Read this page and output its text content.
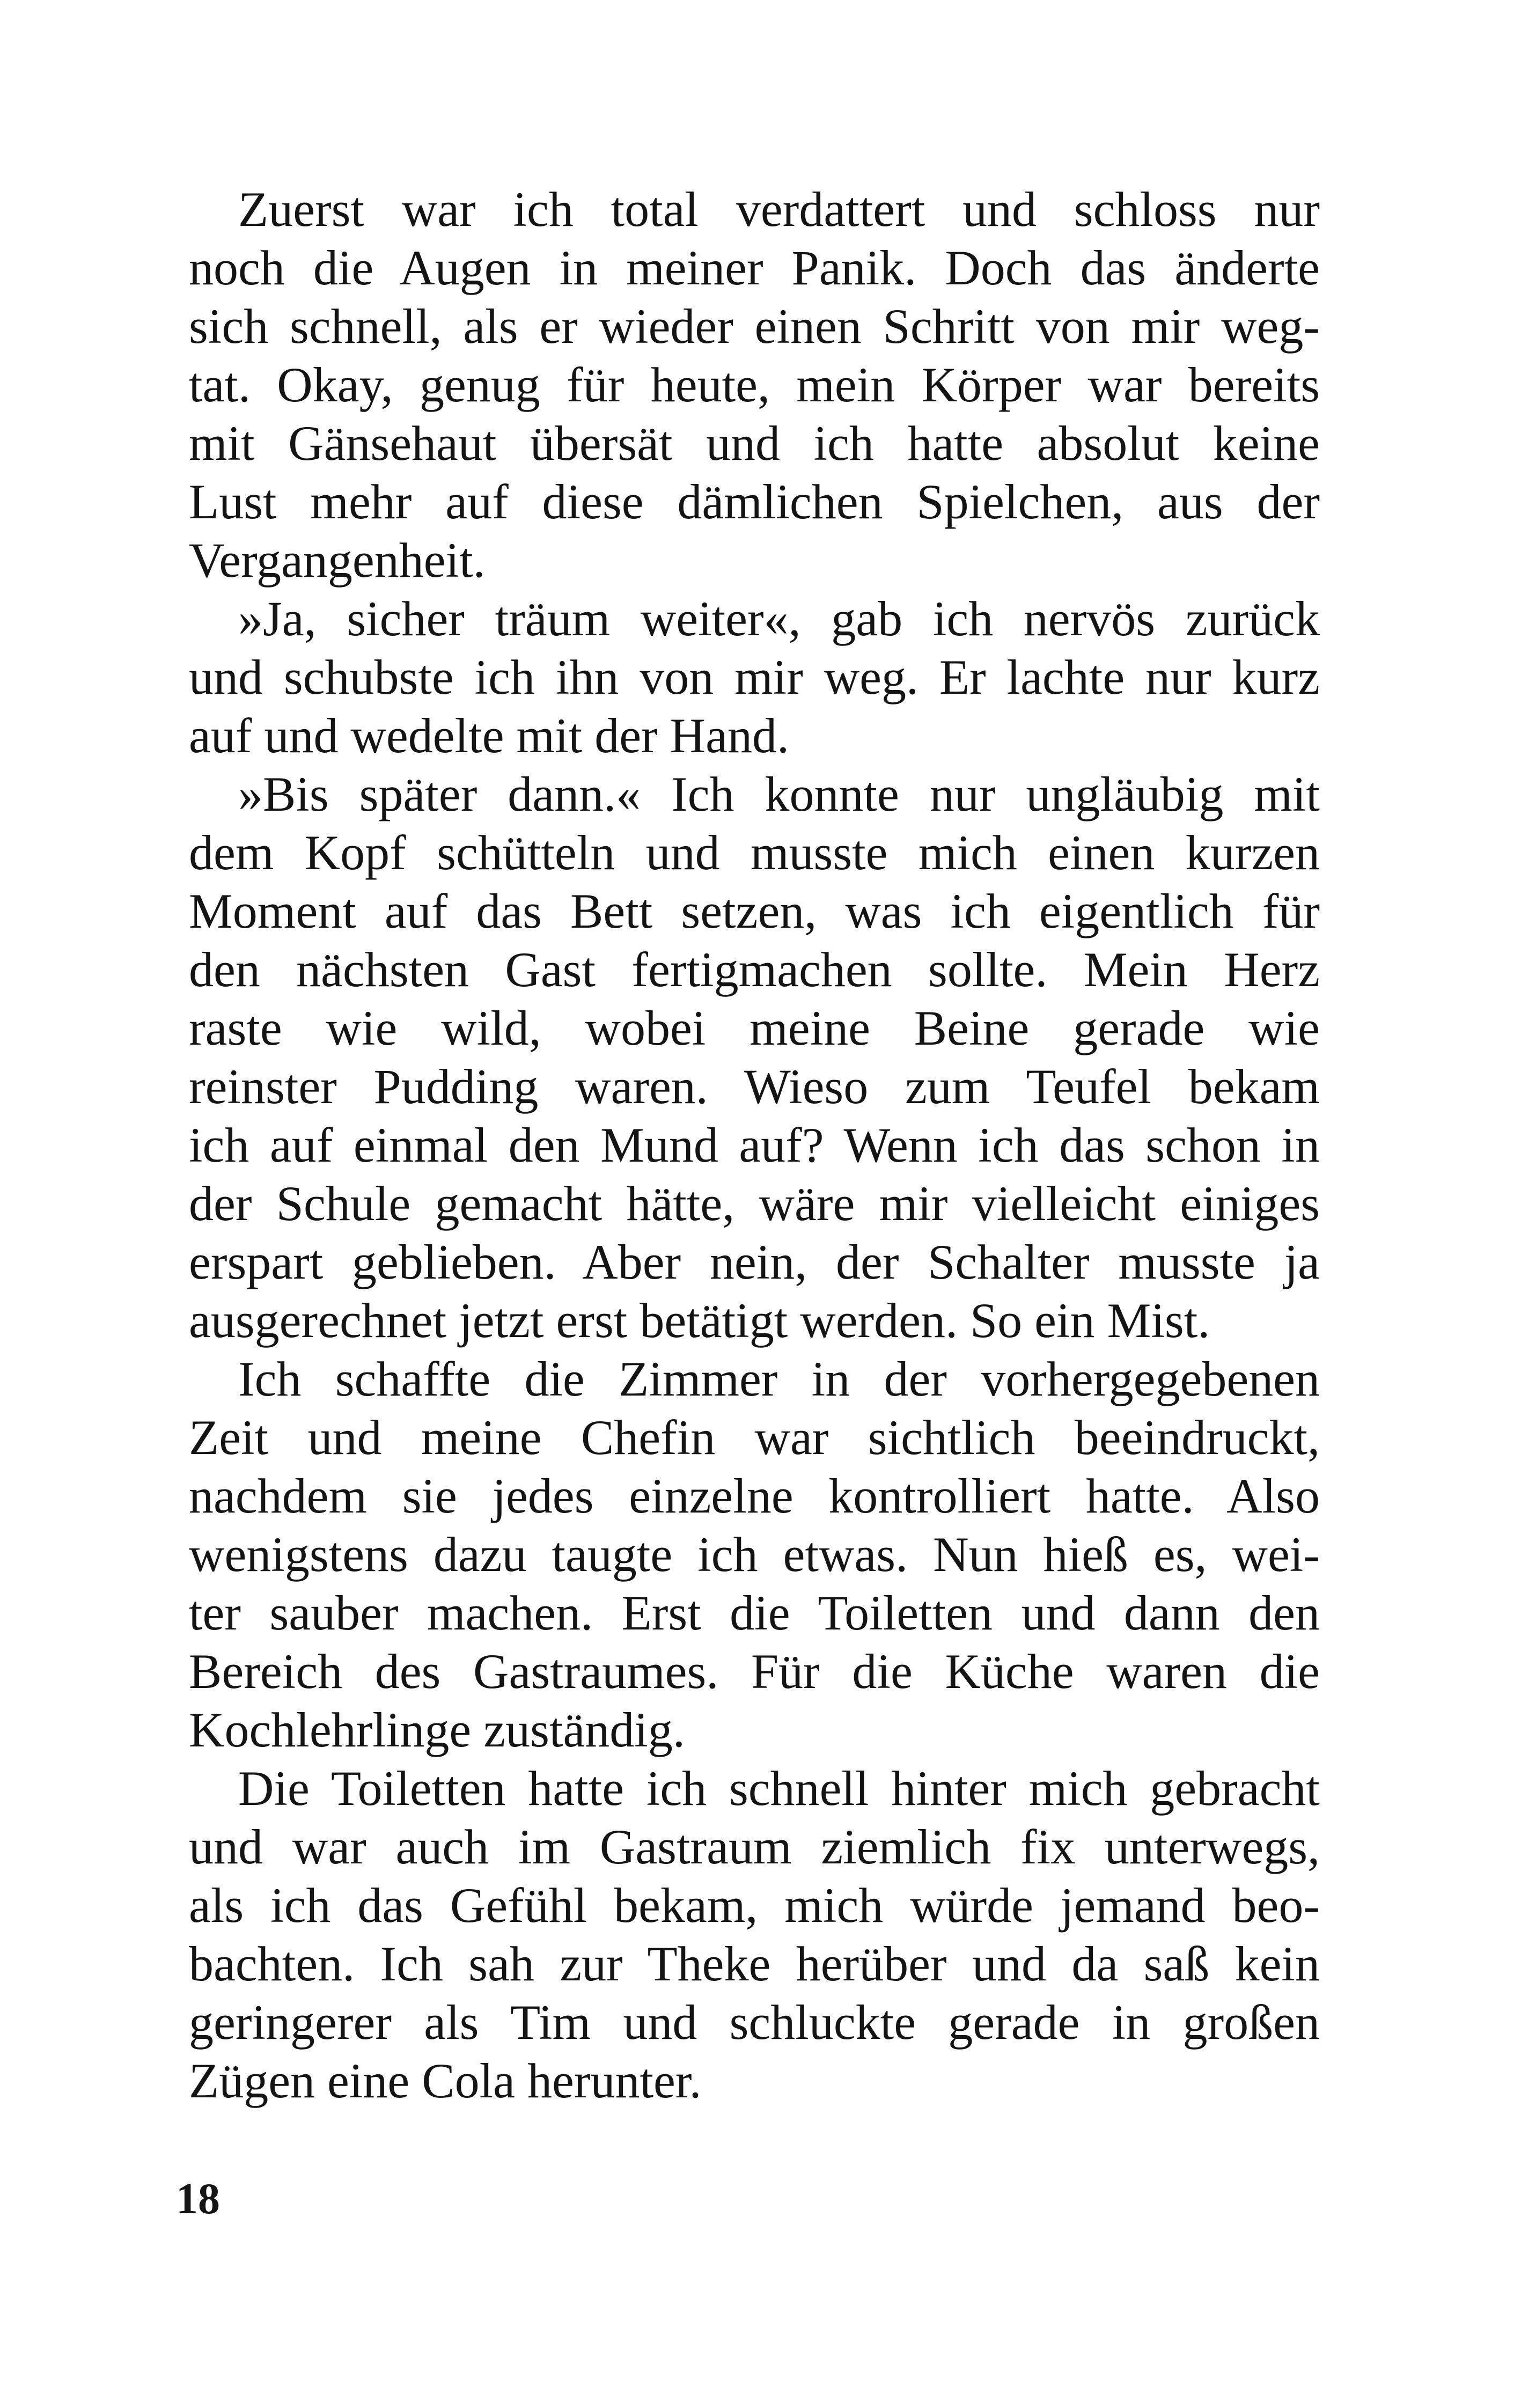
Zuerst war ich total verdattert und schloss nur
noch die Augen in meiner Panik. Doch das änderte
sich schnell, als er wieder einen Schritt von mir weg-
tat. Okay, genug für heute, mein Körper war bereits
mit Gänsehaut übersät und ich hatte absolut keine
Lust mehr auf diese dämlichen Spielchen, aus der
Vergangenheit.
»Ja, sicher träum weiter«, gab ich nervös zurück
und schubste ich ihn von mir weg. Er lachte nur kurz
auf und wedelte mit der Hand.
»Bis später dann.« Ich konnte nur ungläubig mit
dem Kopf schütteln und musste mich einen kurzen
Moment auf das Bett setzen, was ich eigentlich für
den nächsten Gast fertigmachen sollte. Mein Herz
raste wie wild, wobei meine Beine gerade wie
reinster Pudding waren. Wieso zum Teufel bekam
ich auf einmal den Mund auf? Wenn ich das schon in
der Schule gemacht hätte, wäre mir vielleicht einiges
erspart geblieben. Aber nein, der Schalter musste ja
ausgerechnet jetzt erst betätigt werden. So ein Mist.
Ich schaffte die Zimmer in der vorhergegebenen
Zeit und meine Chefin war sichtlich beeindruckt,
nachdem sie jedes einzelne kontrolliert hatte. Also
wenigstens dazu taugte ich etwas. Nun hieß es, wei-
ter sauber machen. Erst die Toiletten und dann den
Bereich des Gastraumes. Für die Küche waren die
Kochlehrlinge zuständig.
Die Toiletten hatte ich schnell hinter mich gebracht
und war auch im Gastraum ziemlich fix unterwegs,
als ich das Gefühl bekam, mich würde jemand beo-
bachten. Ich sah zur Theke herüber und da saß kein
geringerer als Tim und schluckte gerade in großen
Zügen eine Cola herunter.
18
